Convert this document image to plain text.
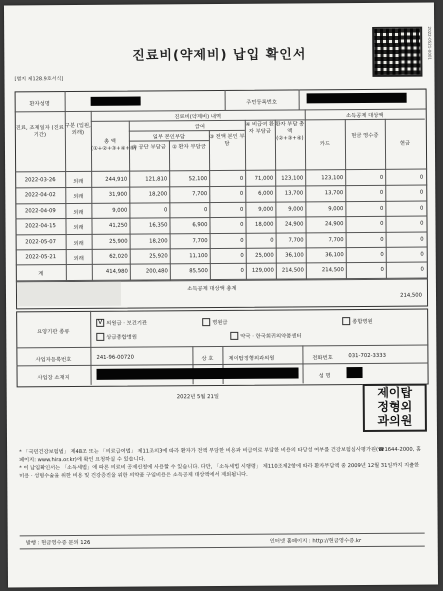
2022-0521-0001
진료비(약제비) 납입 확인서
[별지 제128.9호서식]
환자성명	주민등록번호
진료, 조제일자 (진료기간)
구분 (입원, 외래)
진료비(약제비) 내역
급여
일부 본인부담
총 액 (①+②+③+④+⑤)
① 공단 부담금	② 환자 부담금
③ 전액 본인 부담
④ 비급여 환자 부담금
환자 부담 총액 (②+③+④)
소득공제 대상액
카드
현금 영수증
현금
2022-03-26	외래	244,910	121,810	52,100	0	71,000	123,100	123,100	0	0
2022-04-02	외래	31,900	18,200	7,700	0	6,000	13,700	13,700	0	0
2022-04-09	외래	9,000	0	0	0	9,000	9,000	9,000	0	0
2022-04-15	외래	41,250	16,350	6,900	0	18,000	24,900	24,900	0	0
2022-05-07	외래	25,900	18,200	7,700	0	0	7,700	7,700	0	0
2022-05-21	외래	62,020	25,920	11,100	0	25,000	36,100	36,100	0	0
계	414,980	200,480	85,500	0	129,000	214,500	214,500	0	0
소득공제 대상액 총계
214,500
요양기관 종류
V 의원급 · 보건기관	병원급	종합병원
상급종합병원	약국 · 한국희귀의약품센터
사업자등록번호	241-96-00720	상 호	제이탑정형외과의원	전화번호	031-702-3333
사업장 소재지	성 명
제이탑
정형외
과의원
2022년 5월 21일
* 「국민건강보험법」 제48조 또는 「의료급여법」 제11조의3에 따라 환자가 전액 부담한 비용과 비급여로 부담한 비용의 타당성 여부를 건강보험심사평가원(☎1644-2000, 홈페이지: www.hira.or.kr)에 확인 요청하실 수 있습니다.
* 이 납입확인서는 「소득세법」에 따른 의료비 공제신청에 사용할 수 있습니다. 다만, 「소득세법 시행령」 제110조제2항에 따라 환자부담액 중 2009년 12월 31일까지 지출한 미용 · 성형수술을 위한 비용 및 건강증진을 위한 의약품 구입비용은 소득공제 대상액에서 제외됩니다.
발행 : 현금영수증 문의 126	인터넷 홈페이지 : http://현금영수증.kr
